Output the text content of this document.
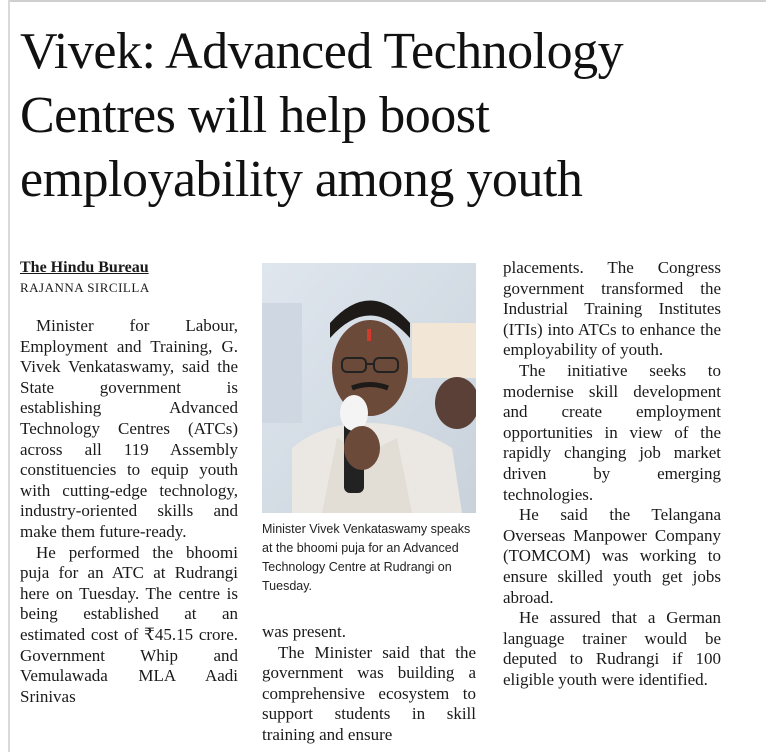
Vivek: Advanced Technology Centres will help boost employability among youth
The Hindu Bureau
RAJANNA SIRCILLA

Minister for Labour, Employment and Training, G. Vivek Venkataswamy, said the State government is establishing Advanced Technology Centres (ATCs) across all 119 Assembly constituencies to equip youth with cutting-edge technology, industry-oriented skills and make them future-ready.

He performed the bhoomi puja for an ATC at Rudrangi here on Tuesday. The centre is being established at an estimated cost of ₹45.15 crore. Government Whip and Vemulawada MLA Aadi Srinivas

Minister Vivek Venkataswamy speaks at the bhoomi puja for an Advanced Technology Centre at Rudrangi on Tuesday.

was present.

The Minister said that the government was building a comprehensive ecosystem to support students in skill training and ensure

placements. The Congress government transformed the Industrial Training Institutes (ITIs) into ATCs to enhance the employability of youth.

The initiative seeks to modernise skill development and create employment opportunities in view of the rapidly changing job market driven by emerging technologies.

He said the Telangana Overseas Manpower Company (TOMCOM) was working to ensure skilled youth get jobs abroad.

He assured that a German language trainer would be deputed to Rudrangi if 100 eligible youth were identified.
